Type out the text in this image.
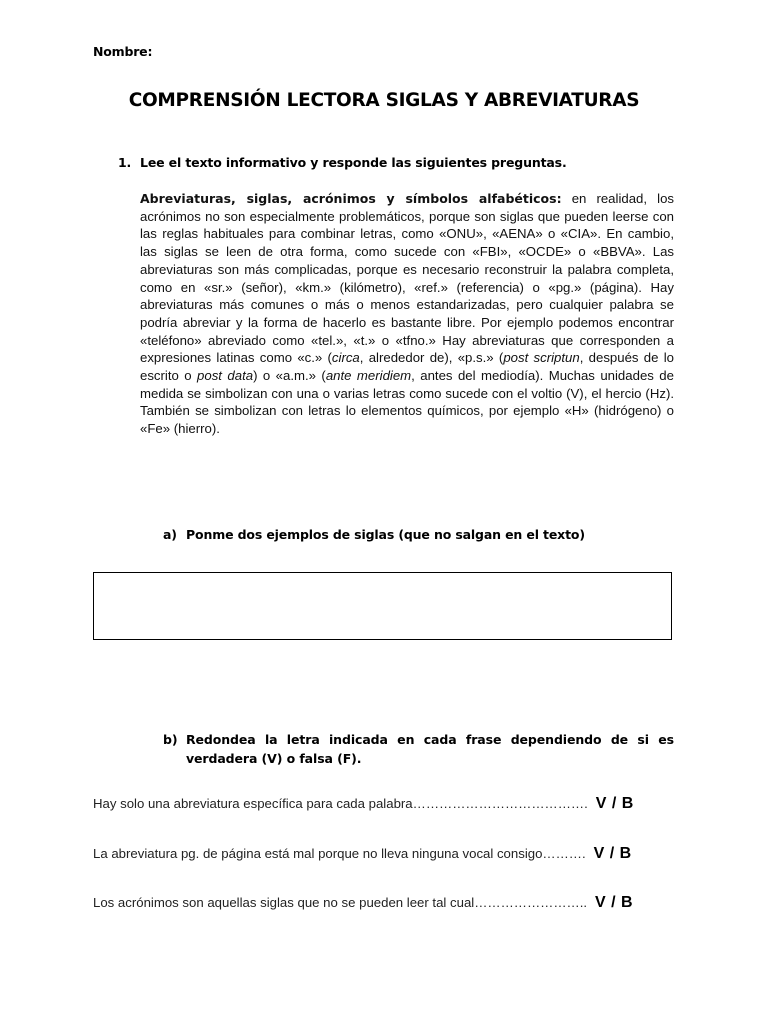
Nombre:
COMPRENSIÓN LECTORA SIGLAS Y ABREVIATURAS
1. Lee el texto informativo y responde las siguientes preguntas.
Abreviaturas, siglas, acrónimos y símbolos alfabéticos: en realidad, los acrónimos no son especialmente problemáticos, porque son siglas que pueden leerse con las reglas habituales para combinar letras, como «ONU», «AENA» o «CIA». En cambio, las siglas se leen de otra forma, como sucede con «FBI», «OCDE» o «BBVA». Las abreviaturas son más complicadas, porque es necesario reconstruir la palabra completa, como en «sr.» (señor), «km.» (kilómetro), «ref.» (referencia) o «pg.» (página). Hay abreviaturas más comunes o más o menos estandarizadas, pero cualquier palabra se podría abreviar y la forma de hacerlo es bastante libre. Por ejemplo podemos encontrar «teléfono» abreviado como «tel.», «t.» o «tfno.» Hay abreviaturas que corresponden a expresiones latinas como «c.» (circa, alrededor de), «p.s.» (post scriptun, después de lo escrito o post data) o «a.m.» (ante meridiem, antes del mediodía). Muchas unidades de medida se simbolizan con una o varias letras como sucede con el voltio (V), el hercio (Hz). También se simbolizan con letras lo elementos químicos, por ejemplo «H» (hidrógeno) o «Fe» (hierro).
a) Ponme dos ejemplos de siglas (que no salgan en el texto)
b) Redondea la letra indicada en cada frase dependiendo de si es verdadera (V) o falsa (F).
Hay solo una abreviatura específica para cada palabra…………………………………. V / B
La abreviatura pg. de página está mal porque no lleva ninguna vocal consigo………. V / B
Los acrónimos son aquellas siglas que no se pueden leer tal cual…………………….. V / B
